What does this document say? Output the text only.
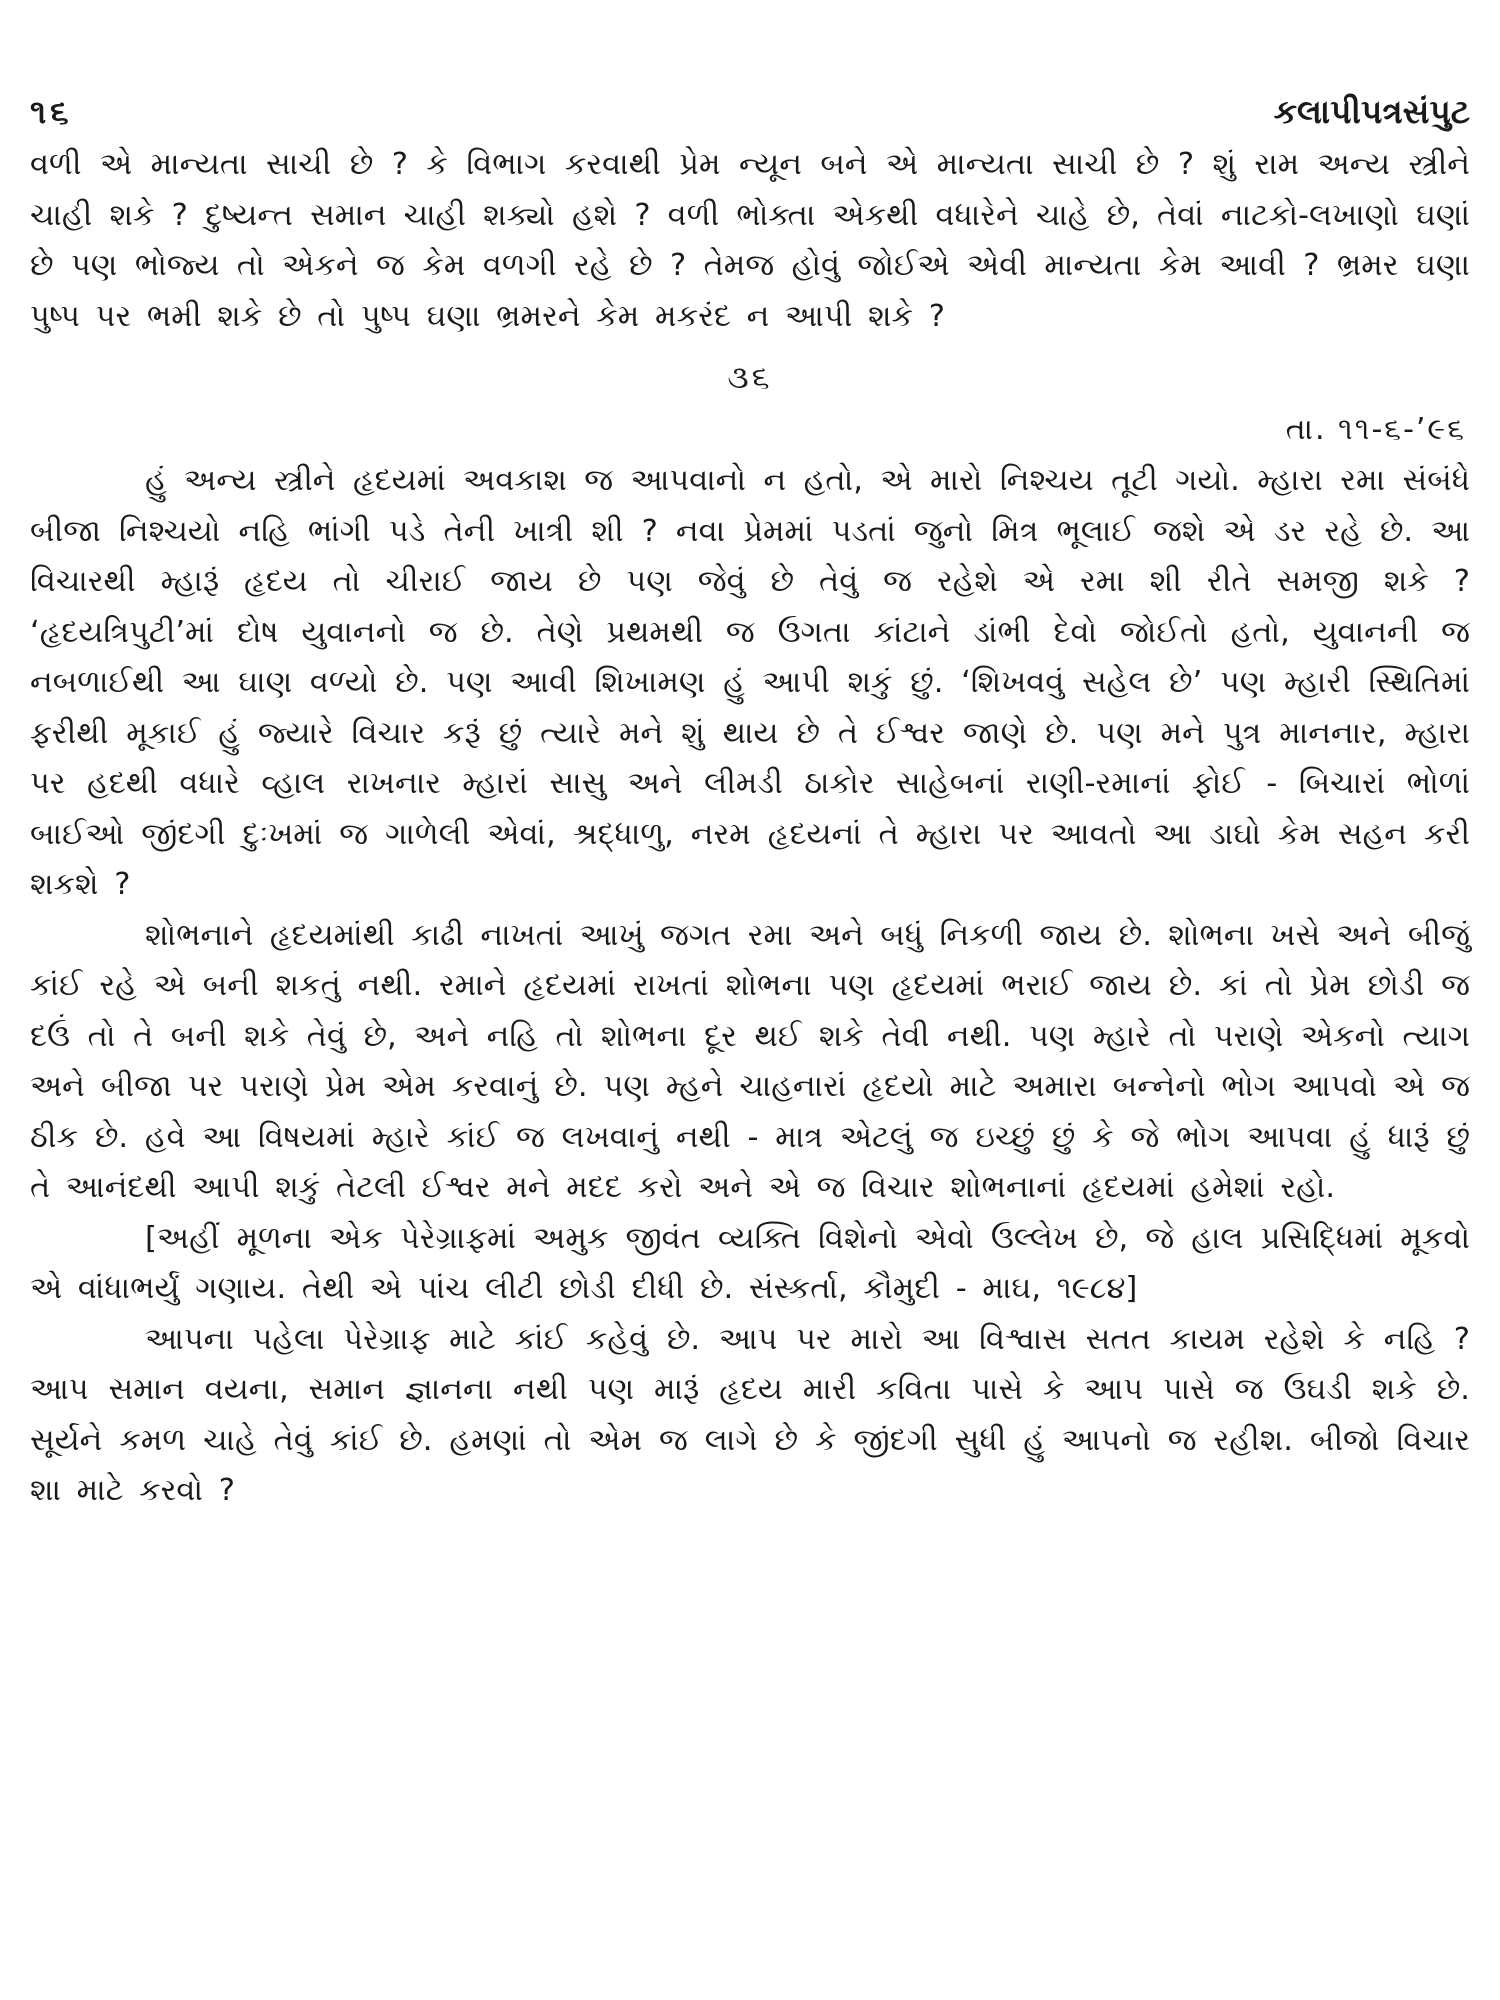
૧૬	કલાપીપત્રસંપુટ

વળી એ માન્યતા સાચી છે ? કે વિભાગ કરવાથી પ્રેમ ન્યૂન બને એ માન્યતા સાચી છે ? શું રામ અન્ય સ્ત્રીને ચાહી શકે ? દુષ્યન્ત સમાન ચાહી શક્યો હશે ? વળી ભોક્તા એકથી વધારેને ચાહે છે, તેવાં નાટકો-લખાણો ઘણાં છે પણ ભોજ્ય તો એકને જ કેમ વળગી રહે છે ? તેમજ હોવું જોઈએ એવી માન્યતા કેમ આવી ? ભ્રમર ઘણા પુષ્પ પર ભમી શકે છે તો પુષ્પ ઘણા ભ્રમરને કેમ મકરંદ ન આપી શકે ?

૩૬
તા. ૧૧-૬-’૯૬

હું અન્ય સ્ત્રીને હૃદયમાં અવકાશ જ આપવાનો ન હતો, એ મારો નિશ્ચય તૂટી ગયો. મ્હારા રમા સંબંધે બીજા નિશ્ચયો નહિ ભાંગી પડે તેની ખાત્રી શી ? નવા પ્રેમમાં પડતાં જુનો મિત્ર ભૂલાઈ જશે એ ડર રહે છે. આ વિચારથી મ્હારૂં હૃદય તો ચીરાઈ જાય છે પણ જેવું છે તેવું જ રહેશે એ રમા શી રીતે સમજી શકે ? ‘હૃદયત્રિપુટી’માં દોષ યુવાનનો જ છે. તેણે પ્રથમથી જ ઉગતા કાંટાને ડાંભી દેવો જોઈતો હતો, યુવાનની જ નબળાઈથી આ ઘાણ વળ્યો છે. પણ આવી શિખામણ હું આપી શકું છું. ‘શિખવવું સહેલ છે’ પણ મ્હારી સ્થિતિમાં ફરીથી મૂકાઈ હું જ્યારે વિચાર કરૂં છું ત્યારે મને શું થાય છે તે ઈશ્વર જાણે છે. પણ મને પુત્ર માનનાર, મ્હારા પર હદથી વધારે વ્હાલ રાખનાર મ્હારાં સાસુ અને લીમડી ઠાકોર સાહેબનાં રાણી-રમાનાં ફોઈ - બિચારાં ભોળાં બાઈઓ જીંદગી દુઃખમાં જ ગાળેલી એવાં, શ્રદ્ધાળુ, નરમ હૃદયનાં તે મ્હારા પર આવતો આ ડાઘો કેમ સહન કરી શકશે ?

શોભનાને હૃદયમાંથી કાઢી નાખતાં આખું જગત રમા અને બધું નિકળી જાય છે. શોભના ખસે અને બીજું કાંઈ રહે એ બની શકતું નથી. રમાને હૃદયમાં રાખતાં શોભના પણ હૃદયમાં ભરાઈ જાય છે. કાં તો પ્રેમ છોડી જ દઉં તો તે બની શકે તેવું છે, અને નહિ તો શોભના દૂર થઈ શકે તેવી નથી. પણ મ્હારે તો પરાણે એકનો ત્યાગ અને બીજા પર પરાણે પ્રેમ એમ કરવાનું છે. પણ મ્હને ચાહનારાં હૃદયો માટે અમારા બન્નેનો ભોગ આપવો એ જ ઠીક છે. હવે આ વિષયમાં મ્હારે કાંઈ જ લખવાનું નથી - માત્ર એટલું જ ઇચ્છું છું કે જે ભોગ આપવા હું ધારૂં છું તે આનંદથી આપી શકું તેટલી ઈશ્વર મને મદદ કરો અને એ જ વિચાર શોભનાનાં હૃદયમાં હમેશાં રહો.

[અહીં મૂળના એક પેરેગ્રાફમાં અમુક જીવંત વ્યક્તિ વિશેનો એવો ઉલ્લેખ છે, જે હાલ પ્રસિદ્ધિમાં મૂકવો એ વાંધાભર્યું ગણાય. તેથી એ પાંચ લીટી છોડી દીધી છે. સંસ્કર્તા, કૌમુદી - માઘ, ૧૯૮૪]

આપના પહેલા પેરેગ્રાફ માટે કાંઈ કહેવું છે. આપ પર મારો આ વિશ્વાસ સતત કાયમ રહેશે કે નહિ ? આપ સમાન વયના, સમાન જ્ઞાનના નથી પણ મારૂં હૃદય મારી કવિતા પાસે કે આપ પાસે જ ઉઘડી શકે છે. સૂર્યને કમળ ચાહે તેવું કાંઈ છે. હમણાં તો એમ જ લાગે છે કે જીંદગી સુધી હું આપનો જ રહીશ. બીજો વિચાર શા માટે કરવો ?
